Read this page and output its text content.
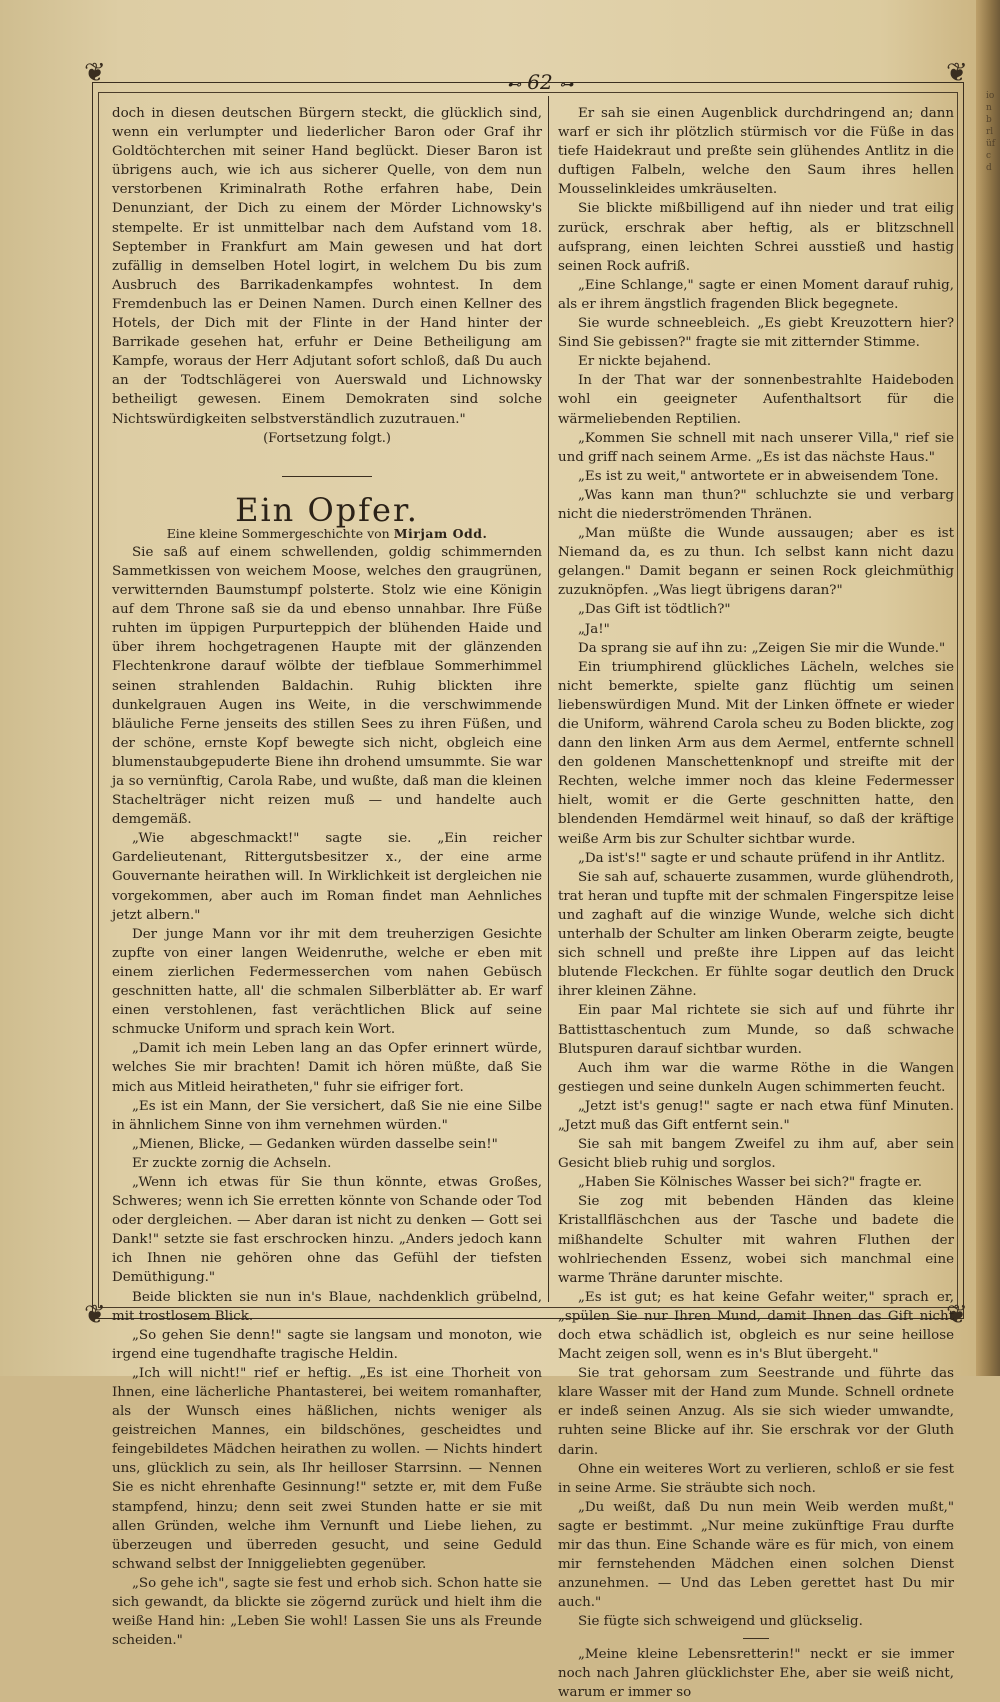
ionbrlüfcd
❦	❦
❦	❦
⊷ 62 ⊶

doch in diesen deutschen Bürgern steckt, die glücklich sind, wenn ein verlumpter und liederlicher Baron oder Graf ihr Goldtöchterchen mit seiner Hand beglückt. Dieser Baron ist übrigens auch, wie ich aus sicherer Quelle, von dem nun verstorbenen Kriminalrath Rothe erfahren habe, Dein Denunziant, der Dich zu einem der Mörder Lichnowsky's stempelte. Er ist unmittelbar nach dem Aufstand vom 18. September in Frankfurt am Main gewesen und hat dort zufällig in demselben Hotel logirt, in welchem Du bis zum Ausbruch des Barrikadenkampfes wohntest. In dem Fremdenbuch las er Deinen Namen. Durch einen Kellner des Hotels, der Dich mit der Flinte in der Hand hinter der Barrikade gesehen hat, erfuhr er Deine Betheiligung am Kampfe, woraus der Herr Adjutant sofort schloß, daß Du auch an der Todtschlägerei von Auerswald und Lichnowsky betheiligt gewesen. Einem Demokraten sind solche Nichtswürdigkeiten selbstverständlich zuzutrauen."

(Fortsetzung folgt.)

Ein Opfer.

Eine kleine Sommergeschichte von Mirjam Odd.

Sie saß auf einem schwellenden, goldig schimmernden Sammetkissen von weichem Moose, welches den graugrünen, verwitternden Baumstumpf polsterte. Stolz wie eine Königin auf dem Throne saß sie da und ebenso unnahbar. Ihre Füße ruhten im üppigen Purpurteppich der blühenden Haide und über ihrem hochgetragenen Haupte mit der glänzenden Flechtenkrone darauf wölbte der tiefblaue Sommerhimmel seinen strahlenden Baldachin. Ruhig blickten ihre dunkelgrauen Augen ins Weite, in die verschwimmende bläuliche Ferne jenseits des stillen Sees zu ihren Füßen, und der schöne, ernste Kopf bewegte sich nicht, obgleich eine blumenstaubgepuderte Biene ihn drohend umsummte. Sie war ja so vernünftig, Carola Rabe, und wußte, daß man die kleinen Stachelträger nicht reizen muß — und handelte auch demgemäß.

„Wie abgeschmackt!" sagte sie. „Ein reicher Gardelieutenant, Rittergutsbesitzer x., der eine arme Gouvernante heirathen will. In Wirklichkeit ist dergleichen nie vorgekommen, aber auch im Roman findet man Aehnliches jetzt albern."

Der junge Mann vor ihr mit dem treuherzigen Gesichte zupfte von einer langen Weidenruthe, welche er eben mit einem zierlichen Federmesserchen vom nahen Gebüsch geschnitten hatte, all' die schmalen Silberblätter ab. Er warf einen verstohlenen, fast verächtlichen Blick auf seine schmucke Uniform und sprach kein Wort.

„Damit ich mein Leben lang an das Opfer erinnert würde, welches Sie mir brachten! Damit ich hören müßte, daß Sie mich aus Mitleid heiratheten," fuhr sie eifriger fort.

„Es ist ein Mann, der Sie versichert, daß Sie nie eine Silbe in ähnlichem Sinne von ihm vernehmen würden."

„Mienen, Blicke, — Gedanken würden dasselbe sein!"

Er zuckte zornig die Achseln.

„Wenn ich etwas für Sie thun könnte, etwas Großes, Schweres; wenn ich Sie erretten könnte von Schande oder Tod oder dergleichen. — Aber daran ist nicht zu denken — Gott sei Dank!" setzte sie fast erschrocken hinzu. „Anders jedoch kann ich Ihnen nie gehören ohne das Gefühl der tiefsten Demüthigung."

Beide blickten sie nun in's Blaue, nachdenklich grübelnd, mit trostlosem Blick.

„So gehen Sie denn!" sagte sie langsam und monoton, wie irgend eine tugendhafte tragische Heldin.

„Ich will nicht!" rief er heftig. „Es ist eine Thorheit von Ihnen, eine lächerliche Phantasterei, bei weitem romanhafter, als der Wunsch eines häßlichen, nichts weniger als geistreichen Mannes, ein bildschönes, gescheidtes und feingebildetes Mädchen heirathen zu wollen. — Nichts hindert uns, glücklich zu sein, als Ihr heilloser Starrsinn. — Nennen Sie es nicht ehrenhafte Gesinnung!" setzte er, mit dem Fuße stampfend, hinzu; denn seit zwei Stunden hatte er sie mit allen Gründen, welche ihm Vernunft und Liebe liehen, zu überzeugen und überreden gesucht, und seine Geduld schwand selbst der Inniggeliebten gegenüber.

„So gehe ich", sagte sie fest und erhob sich. Schon hatte sie sich gewandt, da blickte sie zögernd zurück und hielt ihm die weiße Hand hin: „Leben Sie wohl! Lassen Sie uns als Freunde scheiden."

Er sah sie einen Augenblick durchdringend an; dann warf er sich ihr plötzlich stürmisch vor die Füße in das tiefe Haidekraut und preßte sein glühendes Antlitz in die duftigen Falbeln, welche den Saum ihres hellen Mousselinkleides umkräuselten.

Sie blickte mißbilligend auf ihn nieder und trat eilig zurück, erschrak aber heftig, als er blitzschnell aufsprang, einen leichten Schrei ausstieß und hastig seinen Rock aufriß.

„Eine Schlange," sagte er einen Moment darauf ruhig, als er ihrem ängstlich fragenden Blick begegnete.

Sie wurde schneebleich. „Es giebt Kreuzottern hier? Sind Sie gebissen?" fragte sie mit zitternder Stimme.

Er nickte bejahend.

In der That war der sonnenbestrahlte Haideboden wohl ein geeigneter Aufenthaltsort für die wärmeliebenden Reptilien.

„Kommen Sie schnell mit nach unserer Villa," rief sie und griff nach seinem Arme. „Es ist das nächste Haus."

„Es ist zu weit," antwortete er in abweisendem Tone.

„Was kann man thun?" schluchzte sie und verbarg nicht die niederströmenden Thränen.

„Man müßte die Wunde aussaugen; aber es ist Niemand da, es zu thun. Ich selbst kann nicht dazu gelangen." Damit begann er seinen Rock gleichmüthig zuzuknöpfen. „Was liegt übrigens daran?"

„Das Gift ist tödtlich?"

„Ja!"

Da sprang sie auf ihn zu: „Zeigen Sie mir die Wunde."

Ein triumphirend glückliches Lächeln, welches sie nicht bemerkte, spielte ganz flüchtig um seinen liebenswürdigen Mund. Mit der Linken öffnete er wieder die Uniform, während Carola scheu zu Boden blickte, zog dann den linken Arm aus dem Aermel, entfernte schnell den goldenen Manschettenknopf und streifte mit der Rechten, welche immer noch das kleine Federmesser hielt, womit er die Gerte geschnitten hatte, den blendenden Hemdärmel weit hinauf, so daß der kräftige weiße Arm bis zur Schulter sichtbar wurde.

„Da ist's!" sagte er und schaute prüfend in ihr Antlitz.

Sie sah auf, schauerte zusammen, wurde glühendroth, trat heran und tupfte mit der schmalen Fingerspitze leise und zaghaft auf die winzige Wunde, welche sich dicht unterhalb der Schulter am linken Oberarm zeigte, beugte sich schnell und preßte ihre Lippen auf das leicht blutende Fleckchen. Er fühlte sogar deutlich den Druck ihrer kleinen Zähne.

Ein paar Mal richtete sie sich auf und führte ihr Battisttaschentuch zum Munde, so daß schwache Blutspuren darauf sichtbar wurden.

Auch ihm war die warme Röthe in die Wangen gestiegen und seine dunkeln Augen schimmerten feucht.

„Jetzt ist's genug!" sagte er nach etwa fünf Minuten. „Jetzt muß das Gift entfernt sein."

Sie sah mit bangem Zweifel zu ihm auf, aber sein Gesicht blieb ruhig und sorglos.

„Haben Sie Kölnisches Wasser bei sich?" fragte er.

Sie zog mit bebenden Händen das kleine Kristallfläschchen aus der Tasche und badete die mißhandelte Schulter mit wahren Fluthen der wohlriechenden Essenz, wobei sich manchmal eine warme Thräne darunter mischte.

„Es ist gut; es hat keine Gefahr weiter," sprach er, „spülen Sie nur Ihren Mund, damit Ihnen das Gift nicht doch etwa schädlich ist, obgleich es nur seine heillose Macht zeigen soll, wenn es in's Blut übergeht."

Sie trat gehorsam zum Seestrande und führte das klare Wasser mit der Hand zum Munde. Schnell ordnete er indeß seinen Anzug. Als sie sich wieder umwandte, ruhten seine Blicke auf ihr. Sie erschrak vor der Gluth darin.

Ohne ein weiteres Wort zu verlieren, schloß er sie fest in seine Arme. Sie sträubte sich noch.

„Du weißt, daß Du nun mein Weib werden mußt," sagte er bestimmt. „Nur meine zukünftige Frau durfte mir das thun. Eine Schande wäre es für mich, von einem mir fernstehenden Mädchen einen solchen Dienst anzunehmen. — Und das Leben gerettet hast Du mir auch."

Sie fügte sich schweigend und glückselig.

„Meine kleine Lebensretterin!" neckt er sie immer noch nach Jahren glücklichster Ehe, aber sie weiß nicht, warum er immer so
